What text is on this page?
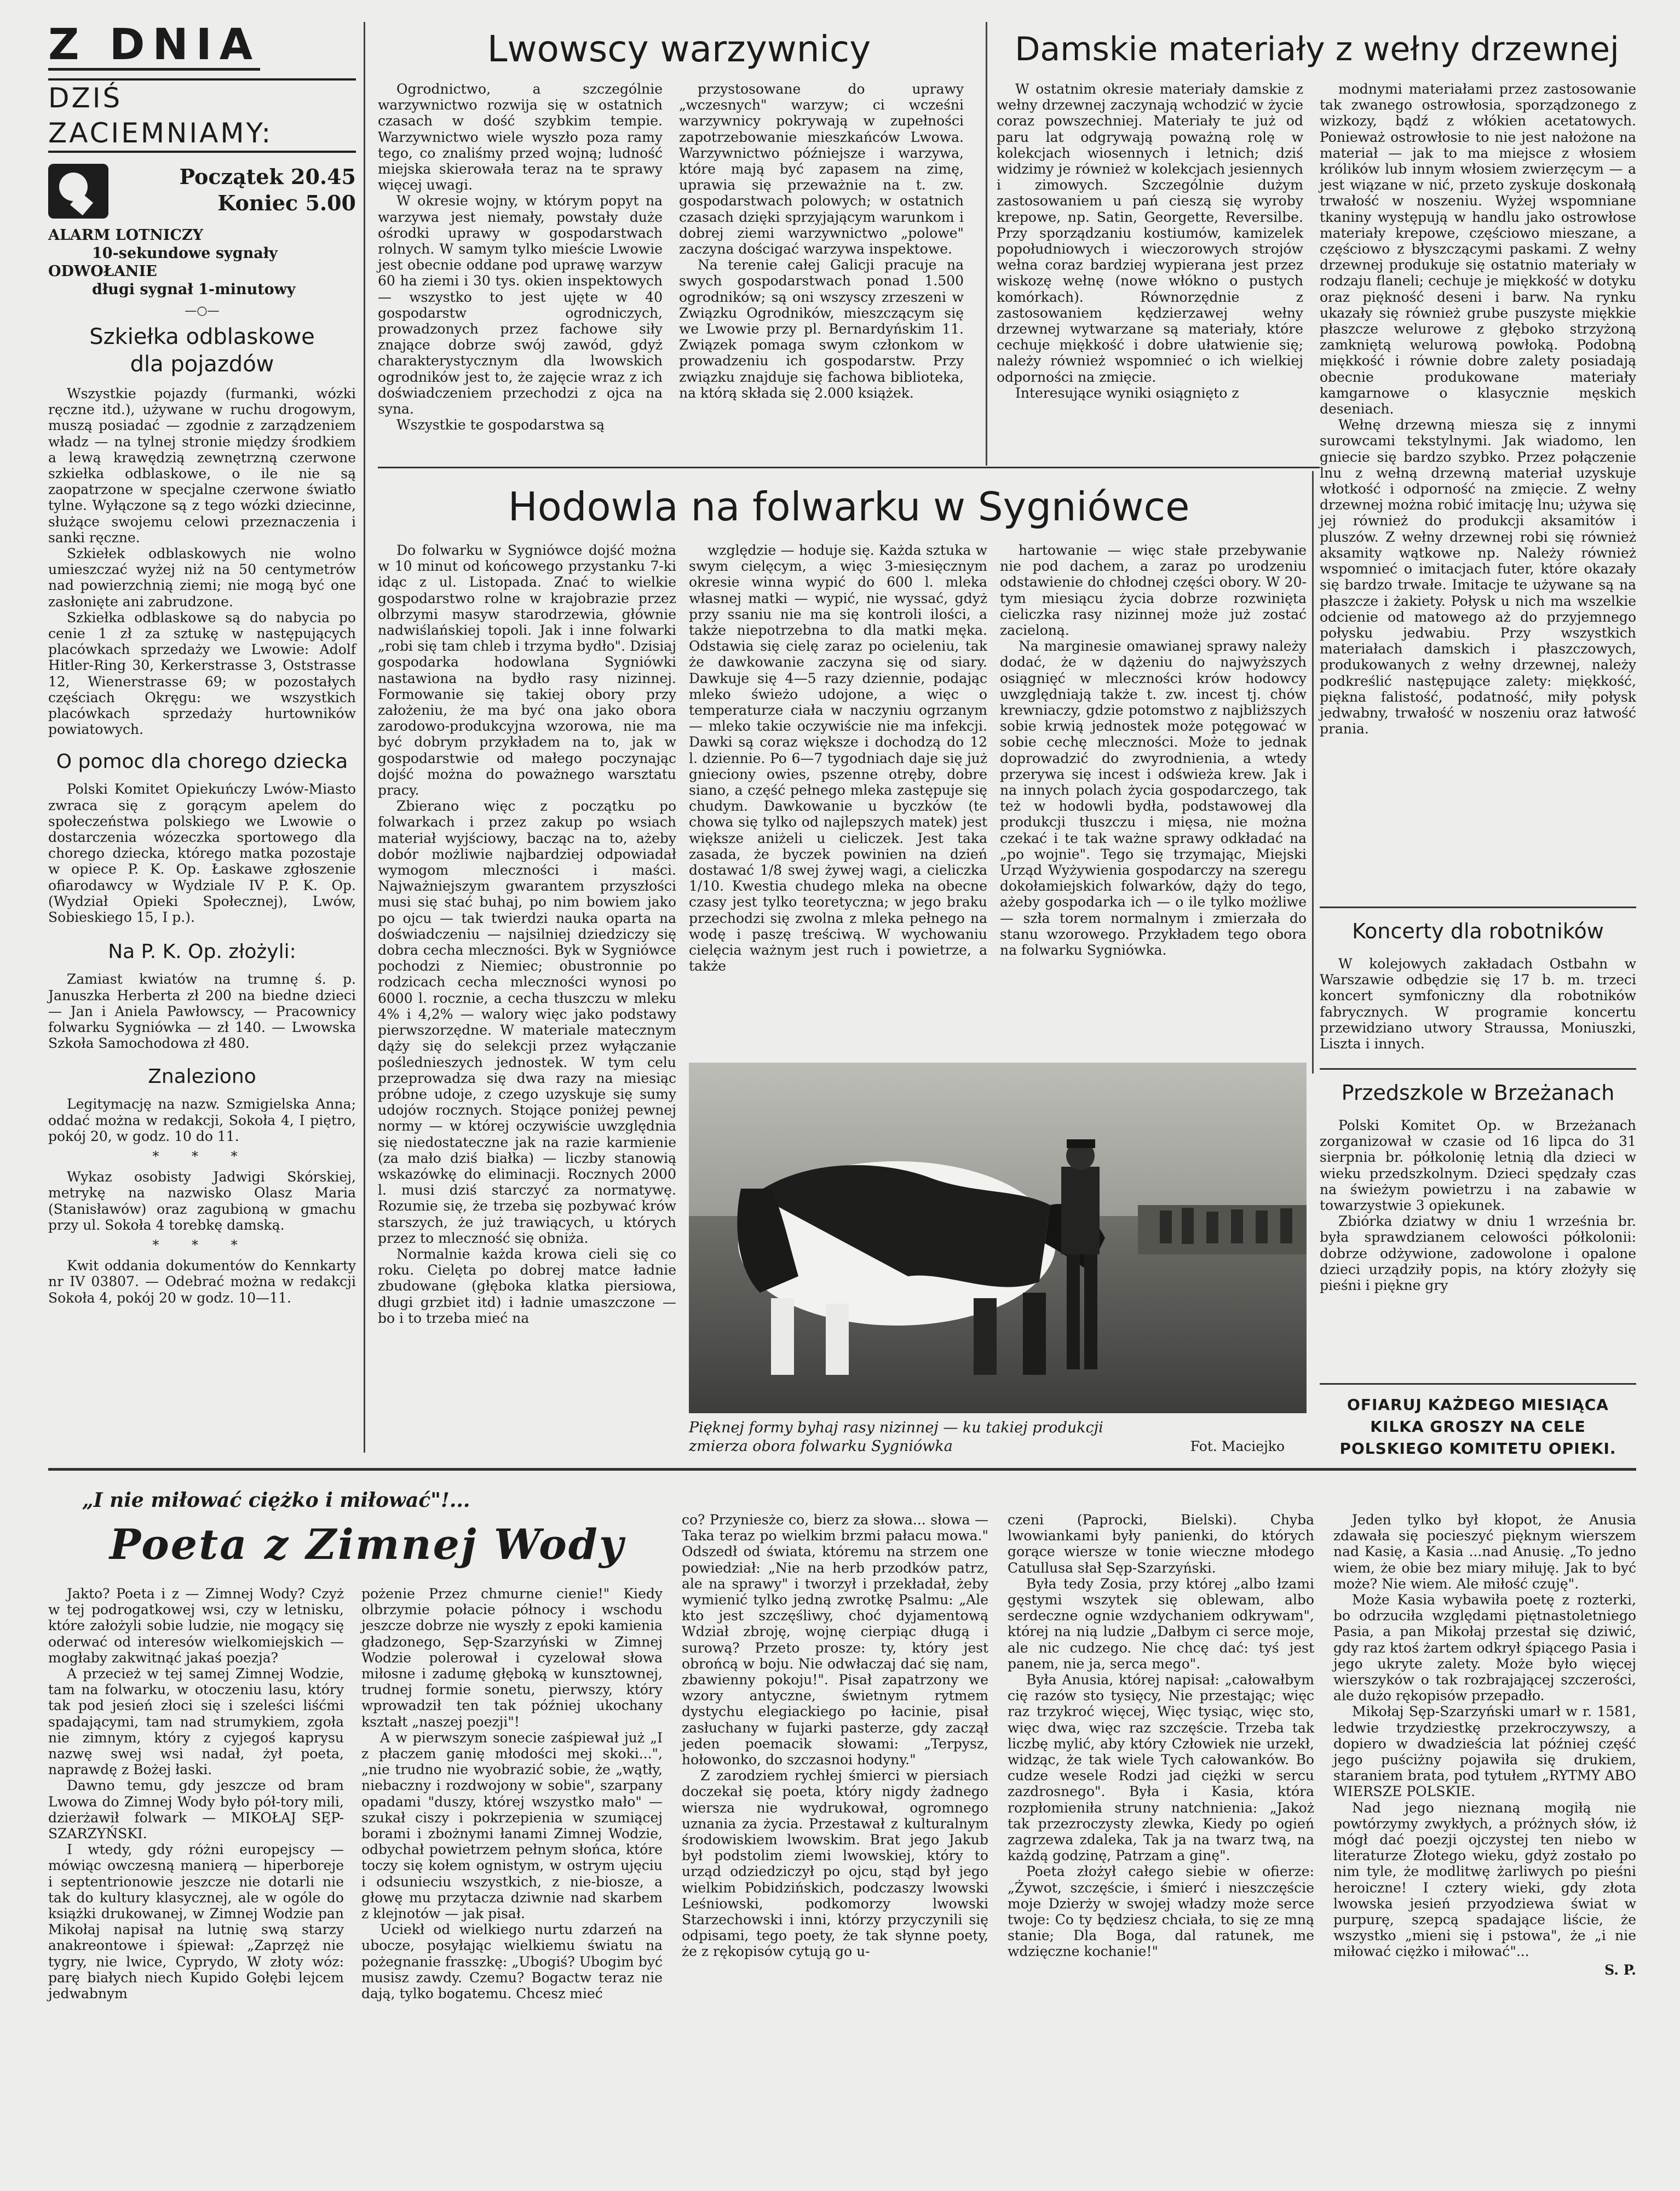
Z DNIA
DZIŚ ZACIEMNIAMY:
Początek 20.45
Koniec 5.00
ALARM LOTNICZY
10-sekundowe sygnały
ODWOŁANIE
długi sygnał 1-minutowy
—○—
Szkiełka odblaskowe dla pojazdów

Wszystkie pojazdy (furmanki, wózki ręczne itd.), używane w ruchu drogowym, muszą posiadać — zgodnie z zarządzeniem władz — na tylnej stronie między środkiem a lewą krawędzią zewnętrzną czerwone szkiełka odblaskowe, o ile nie są zaopatrzone w specjalne czerwone światło tylne. Wyłączone są z tego wózki dziecinne, służące swojemu celowi przeznaczenia i sanki ręczne.

Szkiełek odblaskowych nie wolno umieszczać wyżej niż na 50 centymetrów nad powierzchnią ziemi; nie mogą być one zasłonięte ani zabrudzone.

Szkiełka odblaskowe są do nabycia po cenie 1 zł za sztukę w następujących placówkach sprzedaży we Lwowie: Adolf Hitler-Ring 30, Kerkerstrasse 3, Oststrasse 12, Wienerstrasse 69; w pozostałych częściach Okręgu: we wszystkich placówkach sprzedaży hurtowników powiatowych.

O pomoc dla chorego dziecka

Polski Komitet Opiekuńczy Lwów-Miasto zwraca się z gorącym apelem do społeczeństwa polskiego we Lwowie o dostarczenia wózeczka sportowego dla chorego dziecka, którego matka pozostaje w opiece P. K. Op. Łaskawe zgłoszenie ofiarodawcy w Wydziale IV P. K. Op. (Wydział Opieki Społecznej), Lwów, Sobieskiego 15, I p.).

Na P. K. Op. złożyli:

Zamiast kwiatów na trumnę ś. p. Januszka Herberta zł 200 na biedne dzieci — Jan i Aniela Pawłowscy, — Pracownicy folwarku Sygniówka — zł 140. — Lwowska Szkoła Samochodowa zł 480.

Znaleziono

Legitymację na nazw. Szmigielska Anna; oddać można w redakcji, Sokoła 4, I piętro, pokój 20, w godz. 10 do 11.

* * *

Wykaz osobisty Jadwigi Skórskiej, metrykę na nazwisko Olasz Maria (Stanisławów) oraz zagubioną w gmachu przy ul. Sokoła 4 torebkę damską.

* * *

Kwit oddania dokumentów do Kennkarty nr IV 03807. — Odebrać można w redakcji Sokoła 4, pokój 20 w godz. 10—11.

Lwowscy warzywnicy

Ogrodnictwo, a szczególnie warzywnictwo rozwija się w ostatnich czasach w dość szybkim tempie. Warzywnictwo wiele wyszło poza ramy tego, co znaliśmy przed wojną; ludność miejska skierowała teraz na te sprawy więcej uwagi.

W okresie wojny, w którym popyt na warzywa jest niemały, powstały duże ośrodki uprawy w gospodarstwach rolnych. W samym tylko mieście Lwowie jest obecnie oddane pod uprawę warzyw 60 ha ziemi i 30 tys. okien inspektowych — wszystko to jest ujęte w 40 gospodarstw ogrodniczych, prowadzonych przez fachowe siły znające dobrze swój zawód, gdyż charakterystycznym dla lwowskich ogrodników jest to, że zajęcie wraz z ich doświadczeniem przechodzi z ojca na syna.

Wszystkie te gospodarstwa są

przystosowane do uprawy „wczesnych" warzyw; ci wcześni warzywnicy pokrywają w zupełności zapotrzebowanie mieszkańców Lwowa. Warzywnictwo późniejsze i warzywa, które mają być zapasem na zimę, uprawia się przeważnie na t. zw. gospodarstwach polowych; w ostatnich czasach dzięki sprzyjającym warunkom i dobrej ziemi warzywnictwo „polowe" zaczyna dościgać warzywa inspektowe.

Na terenie całej Galicji pracuje na swych gospodarstwach ponad 1.500 ogrodników; są oni wszyscy zrzeszeni w Związku Ogrodników, mieszczącym się we Lwowie przy pl. Bernardyńskim 11. Związek pomaga swym członkom w prowadzeniu ich gospodarstw. Przy związku znajduje się fachowa biblioteka, na którą składa się 2.000 książek.

Damskie materiały z wełny drzewnej

W ostatnim okresie materiały damskie z wełny drzewnej zaczynają wchodzić w życie coraz powszechniej. Materiały te już od paru lat odgrywają poważną rolę w kolekcjach wiosennych i letnich; dziś widzimy je również w kolekcjach jesiennych i zimowych. Szczególnie dużym zastosowaniem u pań cieszą się wyroby krepowe, np. Satin, Georgette, Reversilbe. Przy sporządzaniu kostiumów, kamizelek popołudniowych i wieczorowych strojów wełna coraz bardziej wypierana jest przez wiskozę wełnę (nowe włókno o pustych komórkach). Równorzędnie z zastosowaniem kędzierzawej wełny drzewnej wytwarzane są materiały, które cechuje miękkość i dobre ułatwienie się; należy również wspomnieć o ich wielkiej odporności na zmięcie.

Interesujące wyniki osiągnięto z

modnymi materiałami przez zastosowanie tak zwanego ostrowłosia, sporządzonego z wizkozy, bądź z włókien acetatowych. Ponieważ ostrowłosie to nie jest nałożone na materiał — jak to ma miejsce z włosiem królików lub innym włosiem zwierzęcym — a jest wiązane w nić, przeto zyskuje doskonałą trwałość w noszeniu. Wyżej wspomniane tkaniny występują w handlu jako ostrowłose materiały krepowe, częściowo mieszane, a częściowo z błyszczącymi paskami. Z wełny drzewnej produkuje się ostatnio materiały w rodzaju flaneli; cechuje je miękkość w dotyku oraz piękność deseni i barw. Na rynku ukazały się również grube puszyste miękkie płaszcze welurowe z głęboko strzyżoną zamkniętą welurową powłoką. Podobną miękkość i równie dobre zalety posiadają obecnie produkowane materiały kamgarnowe o klasycznie męskich deseniach.

Wełnę drzewną miesza się z innymi surowcami tekstylnymi. Jak wiadomo, len gniecie się bardzo szybko. Przez połączenie lnu z wełną drzewną materiał uzyskuje włotkość i odporność na zmięcie. Z wełny drzewnej można robić imitację lnu; używa się jej również do produkcji aksamitów i pluszów. Z wełny drzewnej robi się również aksamity wątkowe np. Należy również wspomnieć o imitacjach futer, które okazały się bardzo trwałe. Imitacje te używane są na płaszcze i żakiety. Połysk u nich ma wszelkie odcienie od matowego aż do przyjemnego połysku jedwabiu. Przy wszystkich materiałach damskich i płaszczowych, produkowanych z wełny drzewnej, należy podkreślić następujące zalety: miękkość, piękna falistość, podatność, miły połysk jedwabny, trwałość w noszeniu oraz łatwość prania.

Koncerty dla robotników

W kolejowych zakładach Ostbahn w Warszawie odbędzie się 17 b. m. trzeci koncert symfoniczny dla robotników fabrycznych. W programie koncertu przewidziano utwory Straussa, Moniuszki, Liszta i innych.

Przedszkole w Brzeżanach

Polski Komitet Op. w Brzeżanach zorganizował w czasie od 16 lipca do 31 sierpnia br. półkolonię letnią dla dzieci w wieku przedszkolnym. Dzieci spędzały czas na świeżym powietrzu i na zabawie w towarzystwie 3 opiekunek.

Zbiórka dziatwy w dniu 1 września br. była sprawdzianem celowości półkolonii: dobrze odżywione, zadowolone i opalone dzieci urządziły popis, na który złożyły się pieśni i piękne gry

OFIARUJ KAŻDEGO MIESIĄCA KILKA GROSZY NA CELE POLSKIEGO KOMITETU OPIEKI.
Hodowla na folwarku w Sygniówce

Do folwarku w Sygniówce dojść można w 10 minut od końcowego przystanku 7-ki idąc z ul. Listopada. Znać to wielkie gospodarstwo rolne w krajobrazie przez olbrzymi masyw starodrzewia, głównie nadwiślańskiej topoli. Jak i inne folwarki „robi się tam chleb i trzyma bydło". Dzisiaj gospodarka hodowlana Sygniówki nastawiona na bydło rasy nizinnej. Formowanie się takiej obory przy założeniu, że ma być ona jako obora zarodowo-produkcyjna wzorowa, nie ma być dobrym przykładem na to, jak w gospodarstwie od małego poczynając dojść można do poważnego warsztatu pracy.

Zbierano więc z początku po folwarkach i przez zakup po wsiach materiał wyjściowy, bacząc na to, ażeby dobór możliwie najbardziej odpowiadał wymogom mleczności i maści. Najważniejszym gwarantem przyszłości musi się stać buhaj, po nim bowiem jako po ojcu — tak twierdzi nauka oparta na doświadczeniu — najsilniej dziedziczy się dobra cecha mleczności. Byk w Sygniówce pochodzi z Niemiec; obustronnie po rodzicach cecha mleczności wynosi po 6000 l. rocznie, a cecha tłuszczu w mleku 4% i 4,2% — walory więc jako podstawy pierwszorzędne. W materiale matecznym dąży się do selekcji przez wyłączanie poślednieszych jednostek. W tym celu przeprowadza się dwa razy na miesiąc próbne udoje, z czego uzyskuje się sumy udojów rocznych. Stojące poniżej pewnej normy — w której oczywiście uwzględnia się niedostateczne jak na razie karmienie (za mało dziś białka) — liczby stanowią wskazówkę do eliminacji. Rocznych 2000 l. musi dziś starczyć za normatywę. Rozumie się, że trzeba się pozbywać krów starszych, że już trawiących, u których przez to mleczność się obniża.

Normalnie każda krowa cieli się co roku. Cielęta po dobrej matce ładnie zbudowane (głęboka klatka piersiowa, długi grzbiet itd) i ładnie umaszczone — bo i to trzeba mieć na

względzie — hoduje się. Każda sztuka w swym cielęcym, a więc 3-miesięcznym okresie winna wypić do 600 l. mleka własnej matki — wypić, nie wyssać, gdyż przy ssaniu nie ma się kontroli ilości, a także niepotrzebna to dla matki męka. Odstawia się cielę zaraz po ocieleniu, tak że dawkowanie zaczyna się od siary. Dawkuje się 4—5 razy dziennie, podając mleko świeżo udojone, a więc o temperaturze ciała w naczyniu ogrzanym — mleko takie oczywiście nie ma infekcji. Dawki są coraz większe i dochodzą do 12 l. dziennie. Po 6—7 tygodniach daje się już gnieciony owies, pszenne otręby, dobre siano, a część pełnego mleka zastępuje się chudym. Dawkowanie u byczków (te chowa się tylko od najlepszych matek) jest większe aniżeli u cieliczek. Jest taka zasada, że byczek powinien na dzień dostawać 1/8 swej żywej wagi, a cieliczka 1/10. Kwestia chudego mleka na obecne czasy jest tylko teoretyczna; w jego braku przechodzi się zwolna z mleka pełnego na wodę i paszę treściwą. W wychowaniu cielęcia ważnym jest ruch i powietrze, a także

hartowanie — więc stałe przebywanie nie pod dachem, a zaraz po urodzeniu odstawienie do chłodnej części obory. W 20-tym miesiącu życia dobrze rozwinięta cieliczka rasy nizinnej może już zostać zacieloną.

Na marginesie omawianej sprawy należy dodać, że w dążeniu do najwyższych osiągnięć w mleczności krów hodowcy uwzględniają także t. zw. incest tj. chów krewniaczy, gdzie potomstwo z najbliższych sobie krwią jednostek może potęgować w sobie cechę mleczności. Może to jednak doprowadzić do zwyrodnienia, a wtedy przerywa się incest i odświeża krew. Jak i na innych polach życia gospodarczego, tak też w hodowli bydła, podstawowej dla produkcji tłuszczu i mięsa, nie można czekać i te tak ważne sprawy odkładać na „po wojnie". Tego się trzymając, Miejski Urząd Wyżywienia gospodarczy na szeregu dokołamiejskich folwarków, dąży do tego, ażeby gospodarka ich — o ile tylko możliwe — szła torem normalnym i zmierzała do stanu wzorowego. Przykładem tego obora na folwarku Sygniówka.

Pięknej formy byhaj rasy nizinnej — ku takiej produkcji
zmierza obora folwarku Sygniówka	Fot. Maciejko
„I nie miłować ciężko i miłować"!...
Poeta z Zimnej Wody

Jakto? Poeta i z — Zimnej Wody? Czyż w tej podrogatkowej wsi, czy w letnisku, które założyli sobie ludzie, nie mogący się oderwać od interesów wielkomiejskich — mogłaby zakwitnąć jakaś poezja?

A przecież w tej samej Zimnej Wodzie, tam na folwarku, w otoczeniu lasu, który tak pod jesień złoci się i szeleści liśćmi spadającymi, tam nad strumykiem, zgoła nie zimnym, który z cyjegoś kaprysu nazwę swej wsi nadał, żył poeta, naprawdę z Bożej łaski.

Dawno temu, gdy jeszcze od bram Lwowa do Zimnej Wody było pół-tory mili, dzierżawił folwark — MIKOŁAJ SĘP-SZARZYŃSKI.

I wtedy, gdy różni europejscy — mówiąc owczesną manierą — hiperboreje i septentrionowie jeszcze nie dotarli nie tak do kultury klasycznej, ale w ogóle do książki drukowanej, w Zimnej Wodzie pan Mikołaj napisał na lutnię swą starzy anakreontowe i śpiewał: „Zaprzęż nie tygry, nie lwice, Cyprydo, W złoty wóz: parę białych niech Kupido Gołębi lejcem jedwabnym

pożenie Przez chmurne cienie!" Kiedy olbrzymie połacie północy i wschodu jeszcze dobrze nie wyszły z epoki kamienia gładzonego, Sęp-Szarzyński w Zimnej Wodzie polerował i cyzelował słowa miłosne i zadumę głęboką w kunsztownej, trudnej formie sonetu, pierwszy, który wprowadził ten tak później ukochany kształt „naszej poezji"!

A w pierwszym sonecie zaśpiewał już „I z płaczem ganię młodości mej skoki...", „nie trudno nie wyobrazić sobie, że „wątły, niebaczny i rozdwojony w sobie", szarpany opadami "duszy, której wszystko mało" — szukał ciszy i pokrzepienia w szumiącej borami i zbożnymi łanami Zimnej Wodzie, odbychał powietrzem pełnym słońca, które toczy się kołem ognistym, w ostrym ujęciu i odsunieciu wszystkich, z nie-biosze, a głowę mu przytacza dziwnie nad skarbem z klejnotów — jak pisał.

Uciekł od wielkiego nurtu zdarzeń na ubocze, posyłając wielkiemu światu na pożegnanie frasszkę: „Ubogiś? Ubogim być musisz zawdy. Czemu? Bogactw teraz nie dają, tylko bogatemu. Chcesz mieć

co? Przyniesże co, bierz za słowa... słowa — Taka teraz po wielkim brzmi pałacu mowa." Odszedł od świata, któremu na strzem one powiedział: „Nie na herb przodków patrz, ale na sprawy" i tworzył i przekładał, żeby wymienić tylko jedną zwrotkę Psalmu: „Ale kto jest szczęśliwy, choć dyjamentową Wdział zbroję, wojnę cierpiąc długą i surową? Przeto prosze: ty, który jest obrońcą w boju. Nie odwłaczaj dać się nam, zbawienny pokoju!". Pisał zapatrzony we wzory antyczne, świetnym rytmem dystychu elegiackiego po łacinie, pisał zasłuchany w fujarki pasterze, gdy zaczął jeden poemacik słowami: „Terpysz, hołowonko, do szczasnoi hodyny."

Z zarodziem rychłej śmierci w piersiach doczekał się poeta, który nigdy żadnego wiersza nie wydrukował, ogromnego uznania za życia. Przestawał z kulturalnym środowiskiem lwowskim. Brat jego Jakub był podstolim ziemi lwowskiej, który to urząd odziedziczył po ojcu, stąd był jego wielkim Pobidzińskich, podczaszy lwowski Leśniowski, podkomorzy lwowski Starzechowski i inni, którzy przyczynili się odpisami, tego poety, że tak słynne poety, że z rękopisów cytują go u-

czeni (Paprocki, Bielski). Chyba lwowiankami były panienki, do których gorące wiersze w tonie wieczne młodego Catullusa słał Sęp-Szarzyński.

Była tedy Zosia, przy której „albo łzami gęstymi wszytek się oblewam, albo serdeczne ognie wzdychaniem odkrywam", której na nią ludzie „Dałbym ci serce moje, ale nic cudzego. Nie chcę dać: tyś jest panem, nie ja, serca mego".

Była Anusia, której napisał: „całowałbym cię razów sto tysięcy, Nie przestając; więc raz trzykroć więcej, Więc tysiąc, więc sto, więc dwa, więc raz szczęście. Trzeba tak liczbę mylić, aby który Człowiek nie urzekł, widząc, że tak wiele Tych całowanków. Bo cudze wesele Rodzi jad ciężki w sercu zazdrosnego". Była i Kasia, która rozpłomieniła struny natchnienia: „Jakoż tak przezroczysty zlewka, Kiedy po ogień zagrzewa zdaleka, Tak ja na twarz twą, na każdą godzinę, Patrzam a ginę".

Poeta złożył całego siebie w ofierze: „Żywot, szczęście, i śmierć i nieszczęście moje Dzierży w swojej władzy może serce twoje: Co ty będziesz chciała, to się ze mną stanie; Dla Boga, dal ratunek, me wdzięczne kochanie!"

Jeden tylko był kłopot, że Anusia zdawała się pocieszyć pięknym wierszem nad Kasię, a Kasia ...nad Anusię. „To jedno wiem, że obie bez miary miłuję. Jak to być może? Nie wiem. Ale miłość czuję".

Może Kasia wybawiła poetę z rozterki, bo odrzuciła względami piętnastoletniego Pasia, a pan Mikołaj przestał się dziwić, gdy raz ktoś żartem odkrył śpiącego Pasia i jego ukryte zalety. Może było więcej wierszyków o tak rozbrajającej szczerości, ale dużo rękopisów przepadło.

Mikołaj Sęp-Szarzyński umarł w r. 1581, ledwie trzydziestkę przekroczywszy, a dopiero w dwadzieścia lat później część jego puściżny pojawiła się drukiem, staraniem brata, pod tytułem „RYTMY ABO WIERSZE POLSKIE.

Nad jego nieznaną mogiłą nie powtórzymy zwykłych, a próżnych słów, iż mógł dać poezji ojczystej ten niebo w literaturze Złotego wieku, gdyż zostało po nim tyle, że modlitwę żarliwych po pieśni heroiczne! I cztery wieki, gdy złota lwowska jesień przyodziewa świat w purpurę, szepcą spadające liście, że wszystko „mieni się i pstowa", że „i nie miłować ciężko i miłować"...

S. P.
